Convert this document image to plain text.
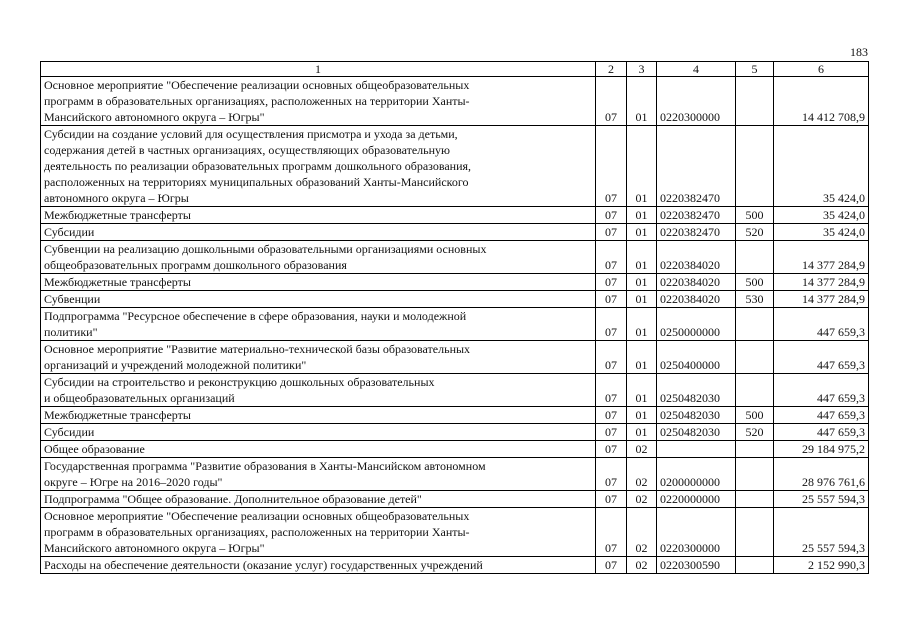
183
1	2	3	4	5	6

Основное мероприятие "Обеспечение реализации основных общеобразовательных
программ в образовательных организациях, расположенных на территории Ханты-
Мансийского автономного округа – Югры"	07	01	0220300000		14 412 708,9

Субсидии на создание условий для осуществления присмотра и ухода за детьми,
содержания детей в частных организациях, осуществляющих образовательную
деятельность по реализации образовательных программ дошкольного образования,
расположенных на территориях муниципальных образований Ханты-Мансийского
автономного округа – Югры	07	01	0220382470		35 424,0

Межбюджетные трансферты	07	01	0220382470	500	35 424,0

Субсидии	07	01	0220382470	520	35 424,0

Субвенции на реализацию дошкольными образовательными организациями основных
общеобразовательных программ дошкольного образования	07	01	0220384020		14 377 284,9

Межбюджетные трансферты	07	01	0220384020	500	14 377 284,9

Субвенции	07	01	0220384020	530	14 377 284,9

Подпрограмма "Ресурсное обеспечение в сфере образования, науки и молодежной
политики"	07	01	0250000000		447 659,3

Основное мероприятие "Развитие материально-технической базы образовательных
организаций и учреждений молодежной политики"	07	01	0250400000		447 659,3

Субсидии на строительство и реконструкцию дошкольных образовательных
и общеобразовательных организаций	07	01	0250482030		447 659,3

Межбюджетные трансферты	07	01	0250482030	500	447 659,3

Субсидии	07	01	0250482030	520	447 659,3

Общее образование	07	02			29 184 975,2

Государственная программа "Развитие образования в Ханты-Мансийском автономном
округе – Югре на 2016–2020 годы"	07	02	0200000000		28 976 761,6

Подпрограмма "Общее образование. Дополнительное образование детей"	07	02	0220000000		25 557 594,3

Основное мероприятие "Обеспечение реализации основных общеобразовательных
программ в образовательных организациях, расположенных на территории Ханты-
Мансийского автономного округа – Югры"	07	02	0220300000		25 557 594,3

Расходы на обеспечение деятельности (оказание услуг) государственных учреждений	07	02	0220300590		2 152 990,3
